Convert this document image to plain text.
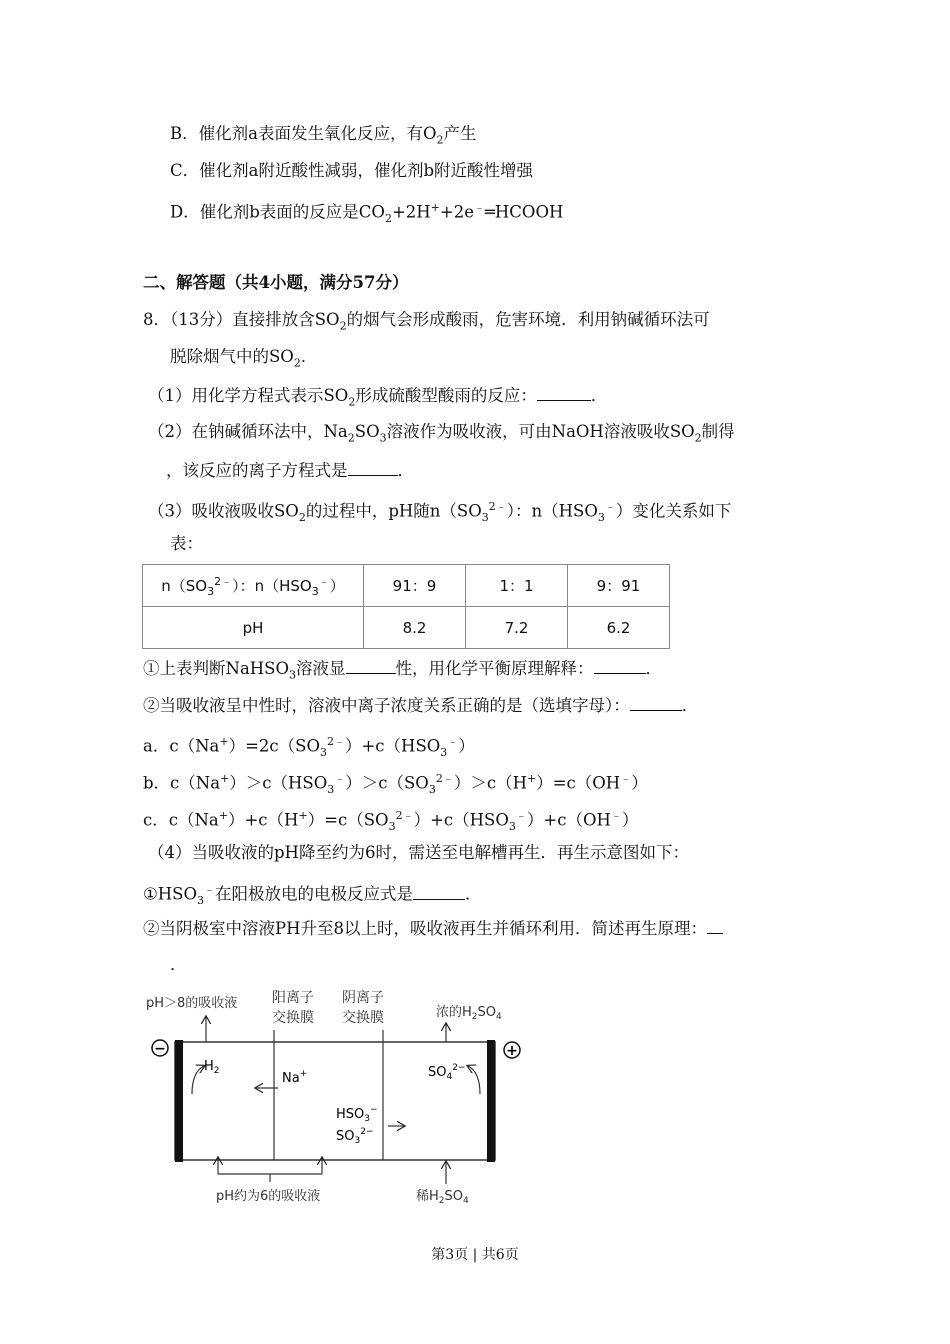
B．催化剂a表面发生氧化反应，有$O_2$产生
C．催化剂a附近酸性减弱，催化剂b附近酸性增强
D．催化剂b表面的反应是$CO_2+2H^++2e^﹣═HCOOH$
二、解答题（共4小题，满分57分）
8．（13分）直接排放含$SO_2$的烟气会形成酸雨，危害环境．利用钠碱循环法可
脱除烟气中的$SO_2$．
（1）用化学方程式表示$SO_2$形成硫酸型酸雨的反应：	．
（2）在钠碱循环法中，$Na_2SO_3$溶液作为吸收液，可由NaOH溶液吸收$SO_2$制得
，该反应的离子方程式是	．
（3）吸收液吸收$SO_2$的过程中，pH随$n(SO_3^{2﹣})$：$n(HSO_3^﹣)$变化关系如下
表：
$n(SO_3^{2﹣})$：$n(HSO_3^﹣)$	91：9	1：1	9：91
pH	8.2	7.2	6.2
①上表判断NaHSO$_3$溶液显	性，用化学平衡原理解释：	．
②当吸收液呈中性时，溶液中离子浓度关系正确的是（选填字母）：	．
a．$c(Na^+)=2c(SO_3^{2﹣})+c(HSO_3^﹣)$
b．$c(Na^+)>c(HSO_3^﹣)>c(SO_3^{2﹣})>c(H^+)=c(OH^﹣)$
c．$c(Na^+)+c(H^+)=c(SO_3^{2﹣})+c(HSO_3^﹣)+c(OH^﹣)$
（4）当吸收液的pH降至约为6时，需送至电解槽再生．再生示意图如下：
$①HSO_3^﹣$在阳极放电的电极反应式是	．
②当阴极室中溶液PH升至8以上时，吸收液再生并循环利用．简述再生原理：
．
pH＞8的吸收液 阳离子
交换膜
阴离子
交换膜	浓的$H_2SO_4$
−	+
$H_2$	Na+	$SO_4^{2-}$
$HSO_3^-$
$SO_3^{2-}$
pH约为6的吸收液	稀$H_2SO_4$
第3页 | 共6页
